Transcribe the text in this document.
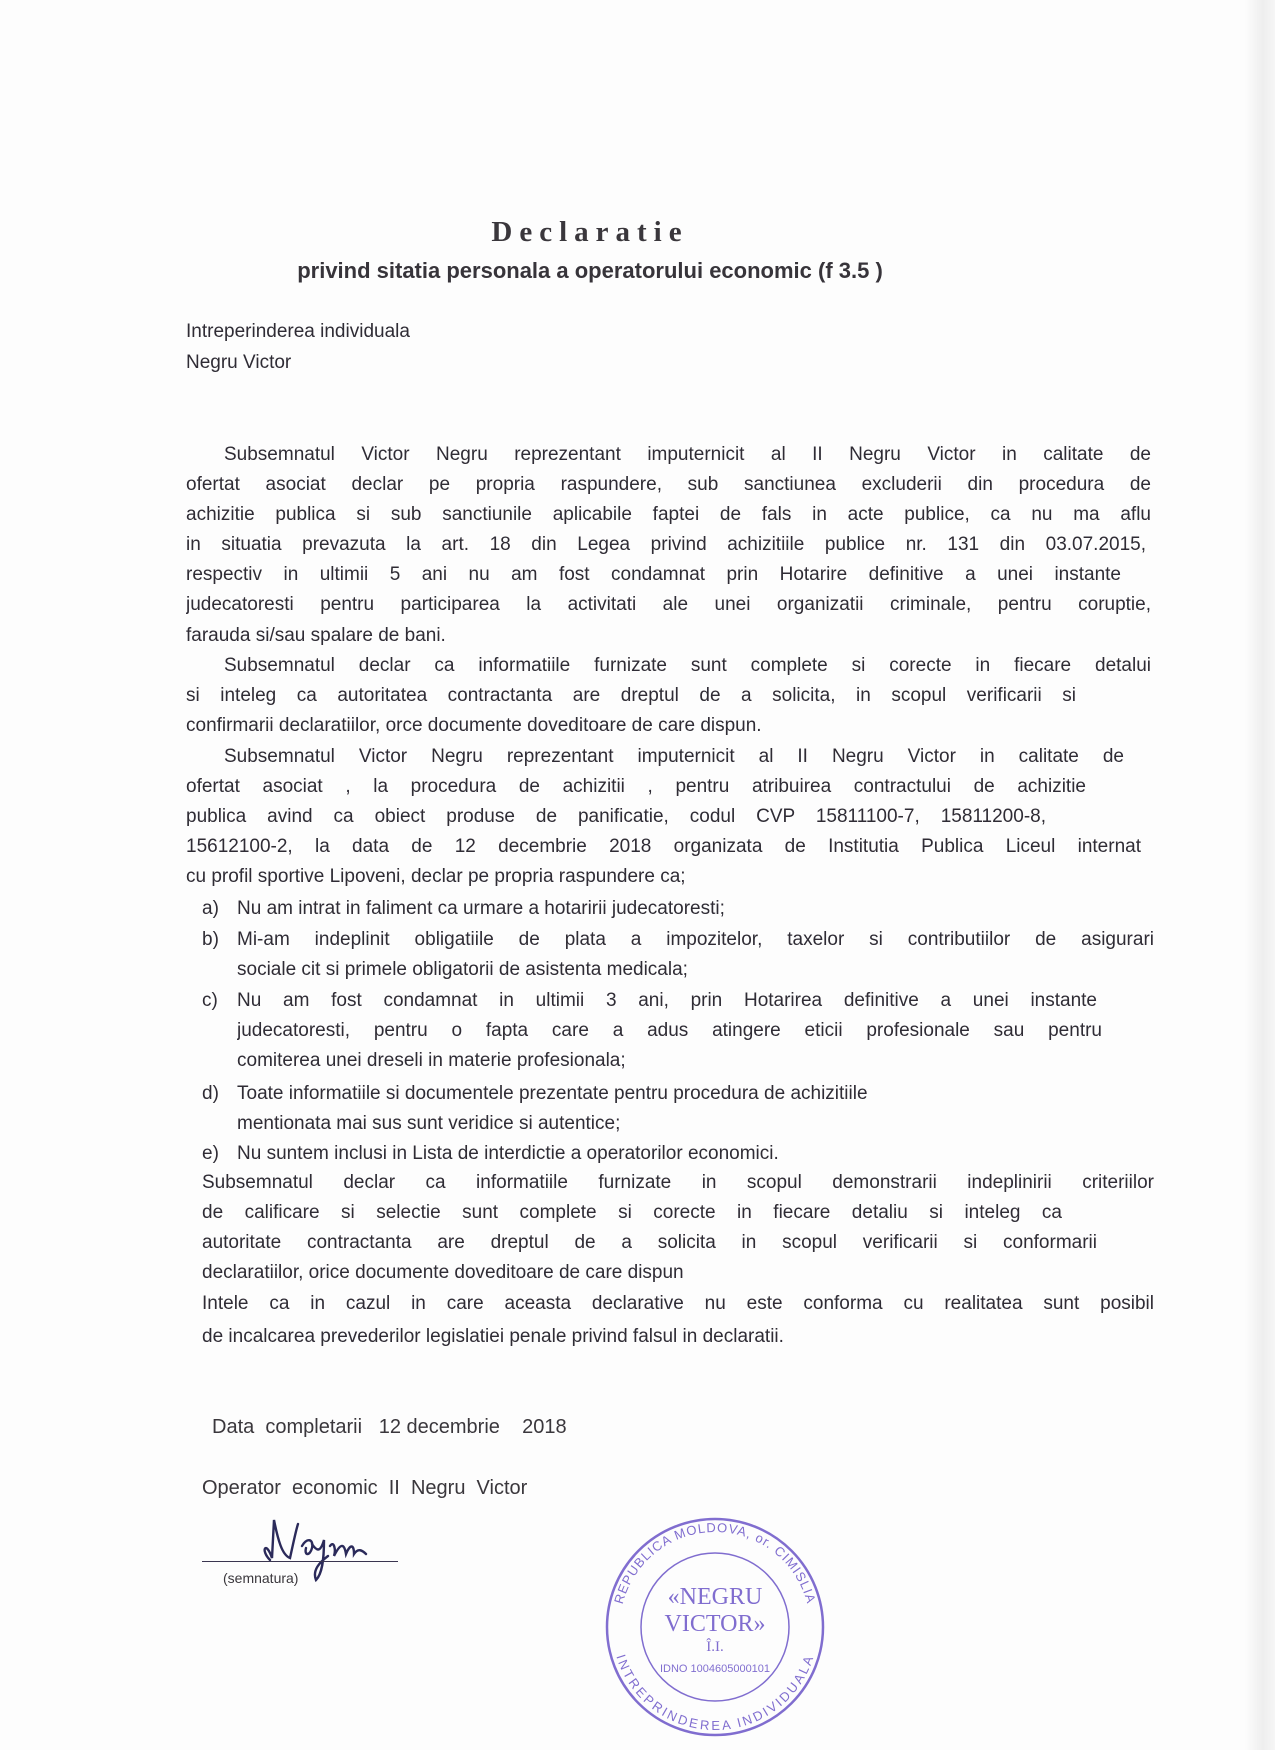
Declaratie
privind sitatia personala a operatorului economic (f 3.5 )
Intreperinderea individuala
Negru Victor
Subsemnatul Victor Negru reprezentant imputernicit al II Negru Victor in calitate de
ofertat asociat declar pe propria raspundere, sub sanctiunea excluderii din procedura de
achizitie publica si sub sanctiunile aplicabile faptei de fals in acte publice, ca nu ma aflu
in situatia prevazuta la art. 18 din Legea privind achizitiile publice nr. 131 din 03.07.2015,
respectiv in ultimii 5 ani nu am fost condamnat prin Hotarire definitive a unei instante
judecatoresti pentru participarea la activitati ale unei organizatii criminale, pentru coruptie,
farauda si/sau spalare de bani.
Subsemnatul declar ca informatiile furnizate sunt complete si corecte in fiecare detalui
si inteleg ca autoritatea contractanta are dreptul de a solicita, in scopul verificarii si
confirmarii declaratiilor, orce documente doveditoare de care dispun.
Subsemnatul Victor Negru reprezentant imputernicit al II Negru Victor in calitate de
ofertat asociat , la procedura de achizitii , pentru atribuirea contractului de achizitie
publica avind ca obiect produse de panificatie, codul CVP 15811100-7, 15811200-8,
15612100-2, la data de 12 decembrie 2018 organizata de Institutia Publica Liceul internat
cu profil sportive Lipoveni, declar pe propria raspundere ca;
a) Nu am intrat in faliment ca urmare a hotaririi judecatoresti;
b) Mi-am indeplinit obligatiile de plata a impozitelor, taxelor si contributiilor de asigurari
sociale cit si primele obligatorii de asistenta medicala;
c) Nu am fost condamnat in ultimii 3 ani, prin Hotarirea definitive a unei instante
judecatoresti, pentru o fapta care a adus atingere eticii profesionale sau pentru
comiterea unei dreseli in materie profesionala;
d) Toate informatiile si documentele prezentate pentru procedura de achizitiile
mentionata mai sus sunt veridice si autentice;
e) Nu suntem inclusi in Lista de interdictie a operatorilor economici.
Subsemnatul declar ca informatiile furnizate in scopul demonstrarii indeplinirii criteriilor
de calificare si selectie sunt complete si corecte in fiecare detaliu si inteleg ca
autoritate contractanta are dreptul de a solicita in scopul verificarii si conformarii
declaratiilor, orice documente doveditoare de care dispun
Intele ca in cazul in care aceasta declarative nu este conforma cu realitatea sunt posibil
de incalcarea prevederilor legislatiei penale privind falsul in declaratii.
Data  completarii   12 decembrie    2018
Operator  economic  II  Negru  Victor
(semnatura)
REPUBLICA MOLDOVA, or. CIMISLIA
INTREPRINDEREA INDIVIDUALA
«NEGRU
VICTOR»
Î.I.
IDNO 1004605000101
